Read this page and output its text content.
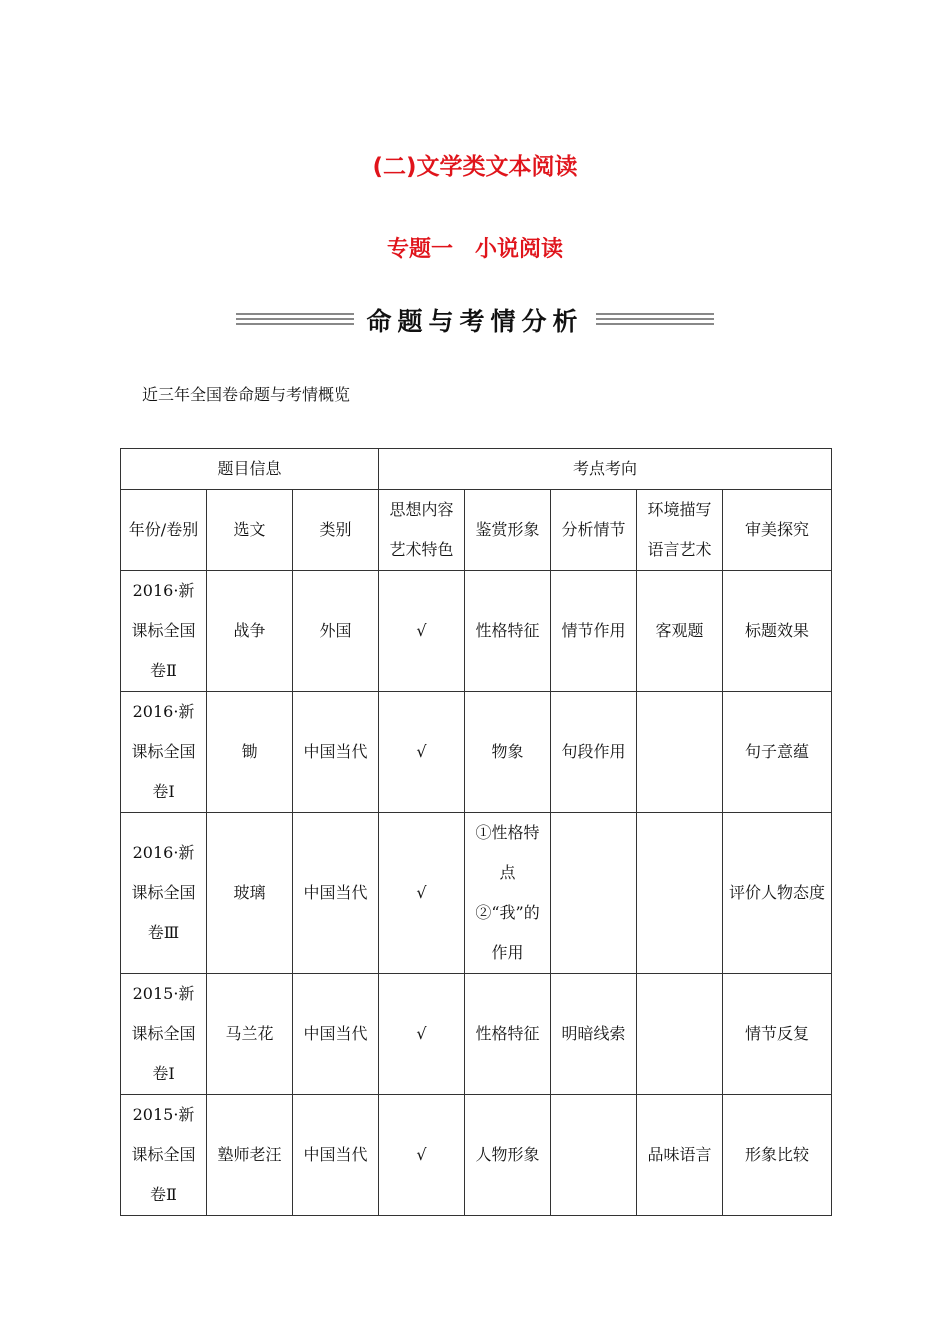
(二)文学类文本阅读
专题一　小说阅读
命题与考情分析
近三年全国卷命题与考情概览
题目信息			考点考向				
年份/卷别	选文	类别	思想内容艺术特色	鉴赏形象	分析情节	环境描写语言艺术	审美探究
2016·新课标全国卷Ⅱ	战争	外国	√	性格特征	情节作用	客观题	标题效果
2016·新课标全国卷Ⅰ	锄	中国当代	√	物象	句段作用		句子意蕴
2016·新课标全国卷Ⅲ	玻璃	中国当代	√	①性格特点②“我”的作用			评价人物态度
2015·新课标全国卷Ⅰ	马兰花	中国当代	√	性格特征	明暗线索		情节反复
2015·新课标全国卷Ⅱ	塾师老汪	中国当代	√	人物形象		品味语言	形象比较
